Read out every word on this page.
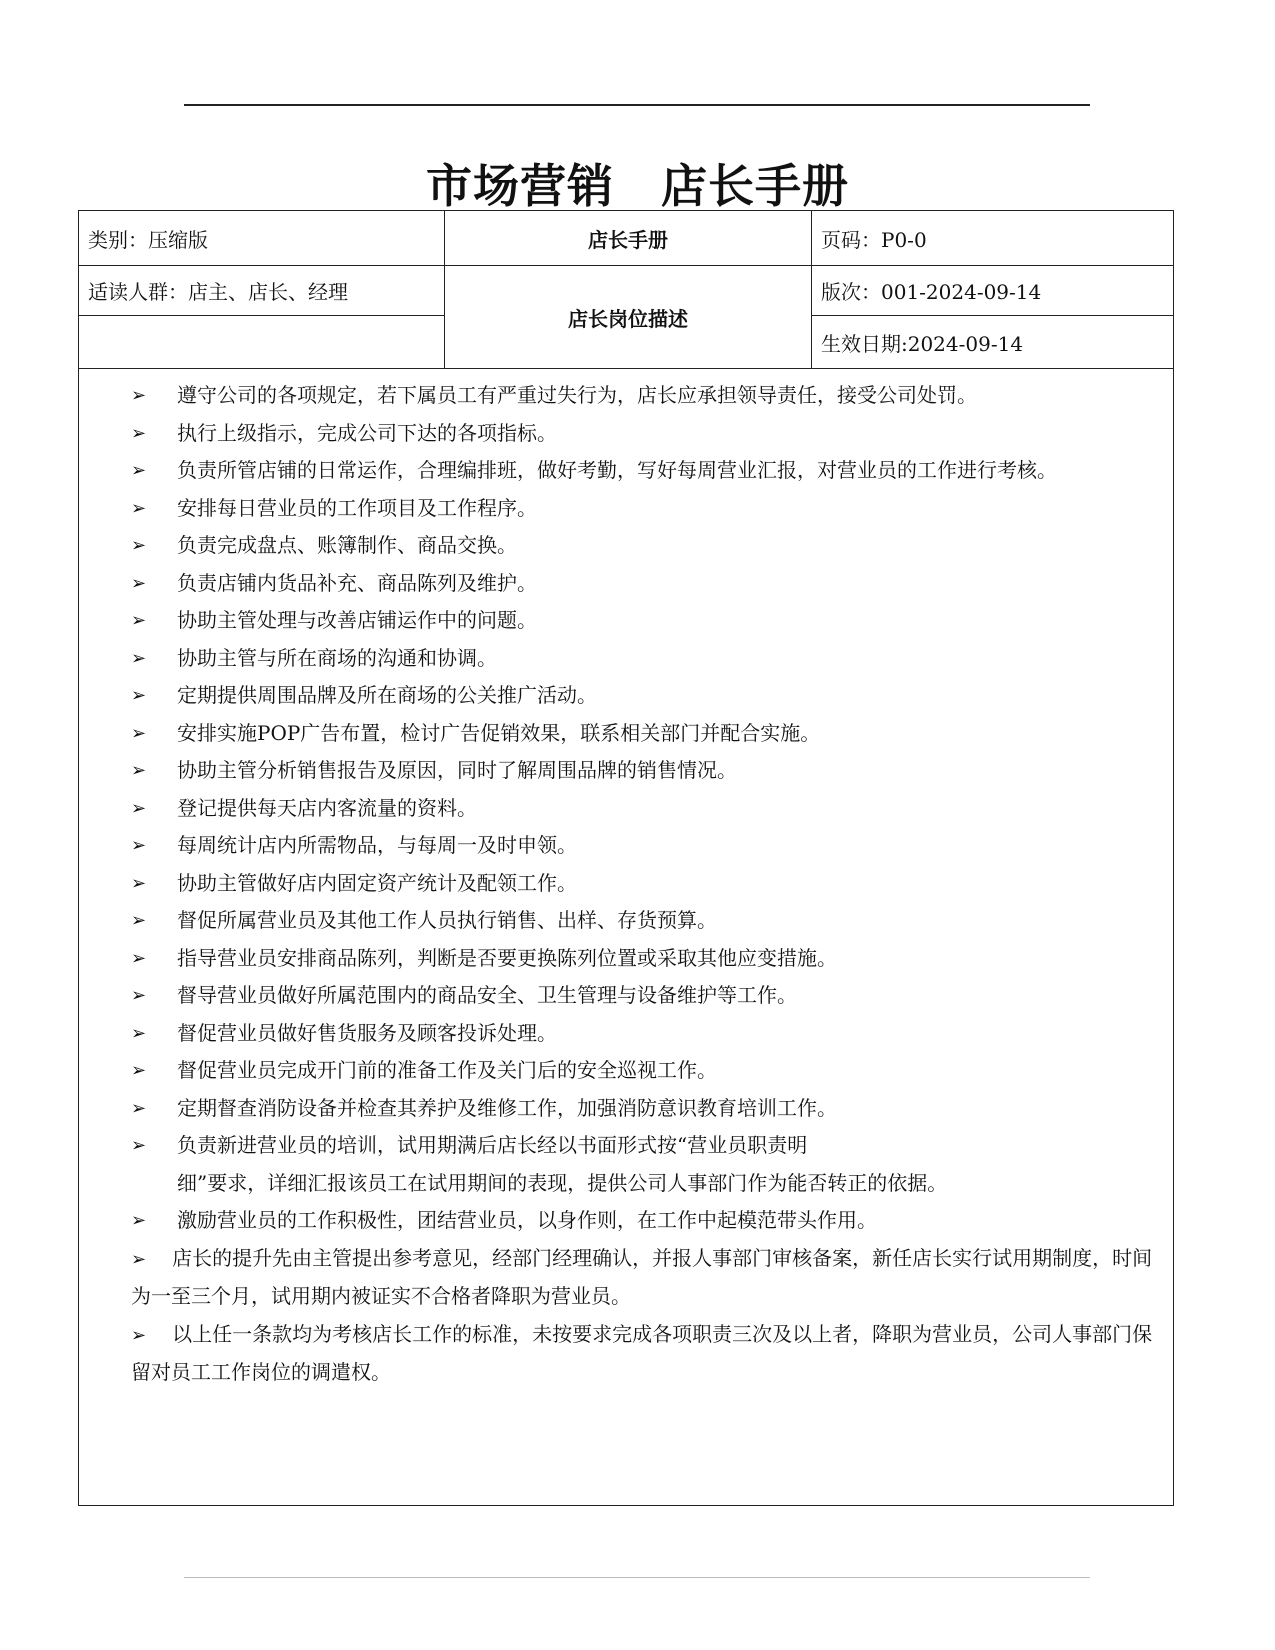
市场营销　店长手册
类别：压缩版	店长手册	页码：P0-0
适读人群：店主、店长、经理
店长岗位描述
版次：001-2024-09-14
生效日期:2024-09-14
➢ 遵守公司的各项规定，若下属员工有严重过失行为，店长应承担领导责任，接受公司处罚。
➢ 执行上级指示，完成公司下达的各项指标。
➢ 负责所管店铺的日常运作，合理编排班，做好考勤，写好每周营业汇报，对营业员的工作进行考核。
➢ 安排每日营业员的工作项目及工作程序。
➢ 负责完成盘点、账簿制作、商品交换。
➢ 负责店铺内货品补充、商品陈列及维护。
➢ 协助主管处理与改善店铺运作中的问题。
➢ 协助主管与所在商场的沟通和协调。
➢ 定期提供周围品牌及所在商场的公关推广活动。
➢ 安排实施POP广告布置，检讨广告促销效果，联系相关部门并配合实施。
➢ 协助主管分析销售报告及原因，同时了解周围品牌的销售情况。
➢ 登记提供每天店内客流量的资料。
➢ 每周统计店内所需物品，与每周一及时申领。
➢ 协助主管做好店内固定资产统计及配领工作。
➢ 督促所属营业员及其他工作人员执行销售、出样、存货预算。
➢ 指导营业员安排商品陈列，判断是否要更换陈列位置或采取其他应变措施。
➢ 督导营业员做好所属范围内的商品安全、卫生管理与设备维护等工作。
➢ 督促营业员做好售货服务及顾客投诉处理。
➢ 督促营业员完成开门前的准备工作及关门后的安全巡视工作。
➢ 定期督查消防设备并检查其养护及维修工作，加强消防意识教育培训工作。
➢ 负责新进营业员的培训，试用期满后店长经以书面形式按“营业员职责明
细”要求，详细汇报该员工在试用期间的表现，提供公司人事部门作为能否转正的依据。
➢ 激励营业员的工作积极性，团结营业员，以身作则，在工作中起模范带头作用。
➢ 店长的提升先由主管提出参考意见，经部门经理确认，并报人事部门审核备案，新任店长实行试用期制度，时间为一至三个月，试用期内被证实不合格者降职为营业员。
➢ 以上任一条款均为考核店长工作的标准，未按要求完成各项职责三次及以上者，降职为营业员，公司人事部门保留对员工工作岗位的调遣权。
